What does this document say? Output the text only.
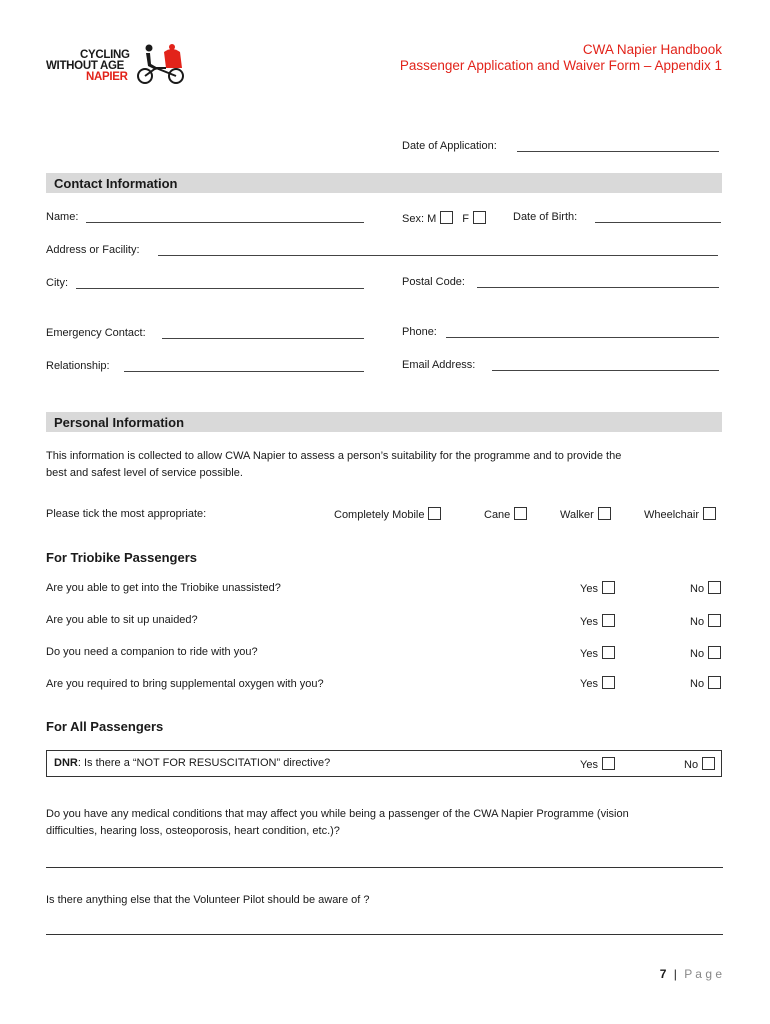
CYCLING
WITHOUT AGE
NAPIER
CWA Napier Handbook
Passenger Application and Waiver Form – Appendix 1
Date of Application:
Contact Information
Name:	Sex: M F	Date of Birth:
Address or Facility:
City:	Postal Code:
Emergency Contact:	Phone:
Relationship:	Email Address:
Personal Information
This information is collected to allow CWA Napier to assess a person’s suitability for the programme and to provide the
best and safest level of service possible.
Please tick the most appropriate:	Completely Mobile	Cane	Walker	Wheelchair
For Triobike Passengers
Are you able to get into the Triobike unassisted?	Yes	No
Are you able to sit up unaided?	Yes	No
Do you need a companion to ride with you?	Yes	No
Are you required to bring supplemental oxygen with you?	Yes	No
For All Passengers
DNR: Is there a “NOT FOR RESUSCITATION” directive?	Yes	No
Do you have any medical conditions that may affect you while being a passenger of the CWA Napier Programme (vision
difficulties, hearing loss, osteoporosis, heart condition, etc.)?
Is there anything else that the Volunteer Pilot should be aware of ?
7 | P a g e
